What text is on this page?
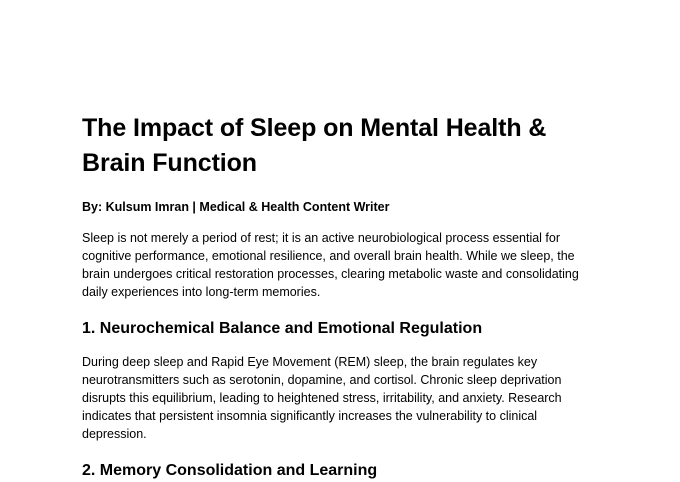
The Impact of Sleep on Mental Health & Brain Function

By: Kulsum Imran | Medical & Health Content Writer

Sleep is not merely a period of rest; it is an active neurobiological process essential for cognitive performance, emotional resilience, and overall brain health. While we sleep, the brain undergoes critical restoration processes, clearing metabolic waste and consolidating daily experiences into long-term memories.

1. Neurochemical Balance and Emotional Regulation

During deep sleep and Rapid Eye Movement (REM) sleep, the brain regulates key neurotransmitters such as serotonin, dopamine, and cortisol. Chronic sleep deprivation disrupts this equilibrium, leading to heightened stress, irritability, and anxiety. Research indicates that persistent insomnia significantly increases the vulnerability to clinical depression.

2. Memory Consolidation and Learning
